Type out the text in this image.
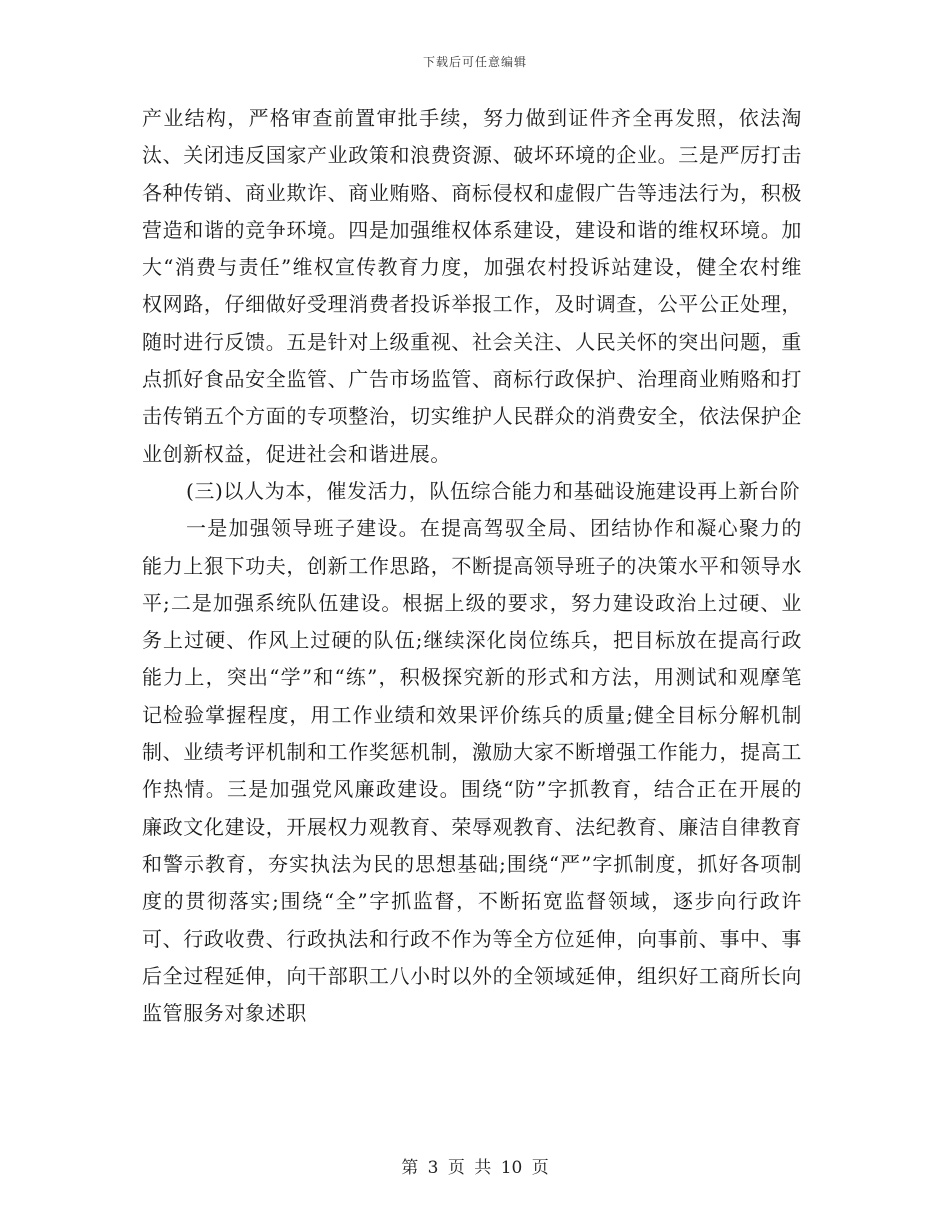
下载后可任意编辑

产业结构，严格审查前置审批手续，努力做到证件齐全再发照，依法淘汰、关闭违反国家产业政策和浪费资源、破坏环境的企业。三是严厉打击各种传销、商业欺诈、商业贿赂、商标侵权和虚假广告等违法行为，积极营造和谐的竞争环境。四是加强维权体系建设，建设和谐的维权环境。加大“消费与责任”维权宣传教育力度，加强农村投诉站建设，健全农村维权网路，仔细做好受理消费者投诉举报工作，及时调查，公平公正处理，随时进行反馈。五是针对上级重视、社会关注、人民关怀的突出问题，重点抓好食品安全监管、广告市场监管、商标行政保护、治理商业贿赂和打击传销五个方面的专项整治，切实维护人民群众的消费安全，依法保护企业创新权益，促进社会和谐进展。

(三)以人为本，催发活力，队伍综合能力和基础设施建设再上新台阶

一是加强领导班子建设。在提高驾驭全局、团结协作和凝心聚力的能力上狠下功夫，创新工作思路，不断提高领导班子的决策水平和领导水平;二是加强系统队伍建设。根据上级的要求，努力建设政治上过硬、业务上过硬、作风上过硬的队伍;继续深化岗位练兵，把目标放在提高行政能力上，突出“学”和“练”，积极探究新的形式和方法，用测试和观摩笔记检验掌握程度，用工作业绩和效果评价练兵的质量;健全目标分解机制制、业绩考评机制和工作奖惩机制，激励大家不断增强工作能力，提高工作热情。三是加强党风廉政建设。围绕“防”字抓教育，结合正在开展的廉政文化建设，开展权力观教育、荣辱观教育、法纪教育、廉洁自律教育和警示教育，夯实执法为民的思想基础;围绕“严”字抓制度，抓好各项制度的贯彻落实;围绕“全”字抓监督，不断拓宽监督领域，逐步向行政许可、行政收费、行政执法和行政不作为等全方位延伸，向事前、事中、事后全过程延伸，向干部职工八小时以外的全领域延伸，组织好工商所长向监管服务对象述职

第 3 页 共 10 页
